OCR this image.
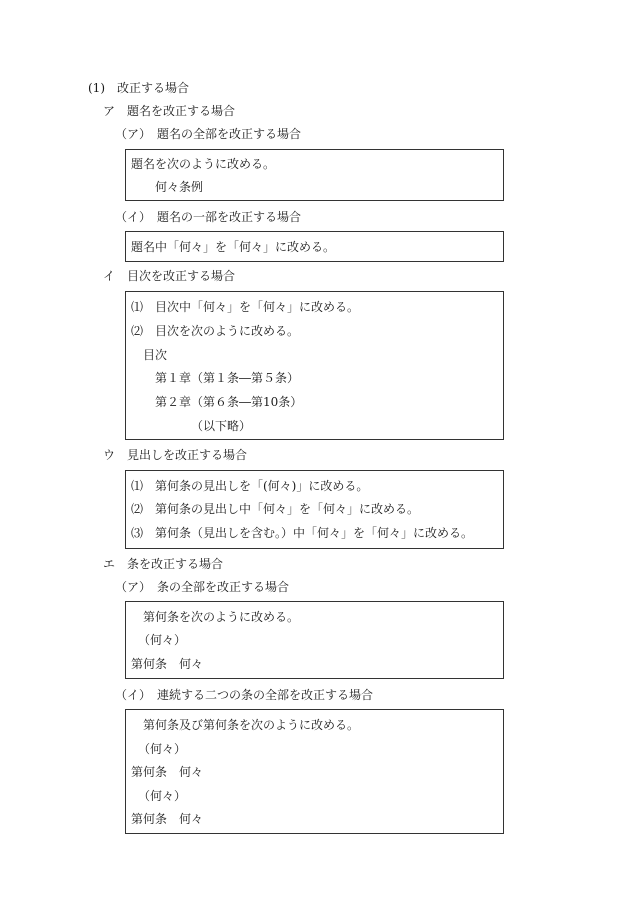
(1)　改正する場合
ア　題名を改正する場合
（ア）　題名の全部を改正する場合
題名を次のように改める。
何々条例
（イ）　題名の一部を改正する場合
題名中「何々」を「何々」に改める。
イ　目次を改正する場合
⑴　目次中「何々」を「何々」に改める。
⑵　目次を次のように改める。
目次
第１章（第１条―第５条）
第２章（第６条―第10条）
（以下略）
ウ　見出しを改正する場合
⑴　第何条の見出しを「(何々)」に改める。
⑵　第何条の見出し中「何々」を「何々」に改める。
⑶　第何条（見出しを含む。）中「何々」を「何々」に改める。
エ　条を改正する場合
（ア）　条の全部を改正する場合
第何条を次のように改める。
（何々）
第何条　何々
（イ）　連続する二つの条の全部を改正する場合
第何条及び第何条を次のように改める。
（何々）
第何条　何々
（何々）
第何条　何々
